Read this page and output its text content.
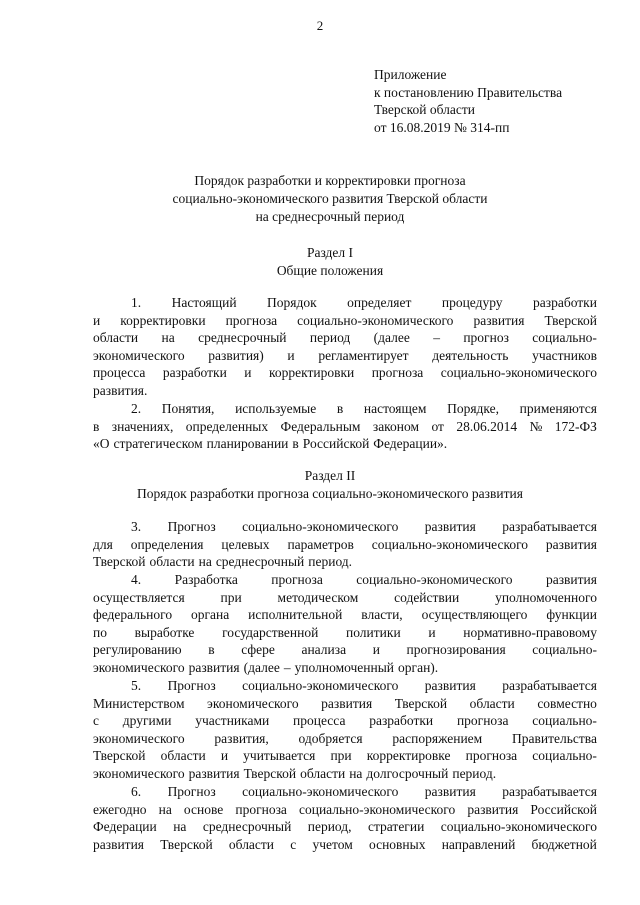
2
Приложение
к постановлению Правительства
Тверской области
от 16.08.2019 № 314-пп
Порядок разработки и корректировки прогноза
социально-экономического развития Тверской области
на среднесрочный период
Раздел I
Общие положения
1. Настоящий Порядок определяет процедуру разработки
и корректировки прогноза социально-экономического развития Тверской
области на среднесрочный период (далее – прогноз социально-
экономического развития) и регламентирует деятельность участников
процесса разработки и корректировки прогноза социально-экономического
развития.
2. Понятия, используемые в настоящем Порядке, применяются
в значениях, определенных Федеральным законом от 28.06.2014 № 172-ФЗ
«О стратегическом планировании в Российской Федерации».
Раздел II
Порядок разработки прогноза социально-экономического развития
3. Прогноз социально-экономического развития разрабатывается
для определения целевых параметров социально-экономического развития
Тверской области на среднесрочный период.
4. Разработка прогноза социально-экономического развития
осуществляется	при	методическом	содействии	уполномоченного
федерального органа исполнительной власти, осуществляющего функции
по выработке государственной политики и нормативно-правовому
регулированию в сфере анализа и прогнозирования социально-
экономического развития (далее – уполномоченный орган).
5. Прогноз социально-экономического развития разрабатывается
Министерством экономического развития Тверской области совместно
с другими участниками процесса разработки прогноза социально-
экономического развития, одобряется распоряжением Правительства
Тверской области и учитывается при корректировке прогноза социально-
экономического развития Тверской области на долгосрочный период.
6. Прогноз социально-экономического развития разрабатывается
ежегодно на основе прогноза социально-экономического развития Российской
Федерации на среднесрочный период, стратегии социально-экономического
развития Тверской области с учетом основных направлений бюджетной
